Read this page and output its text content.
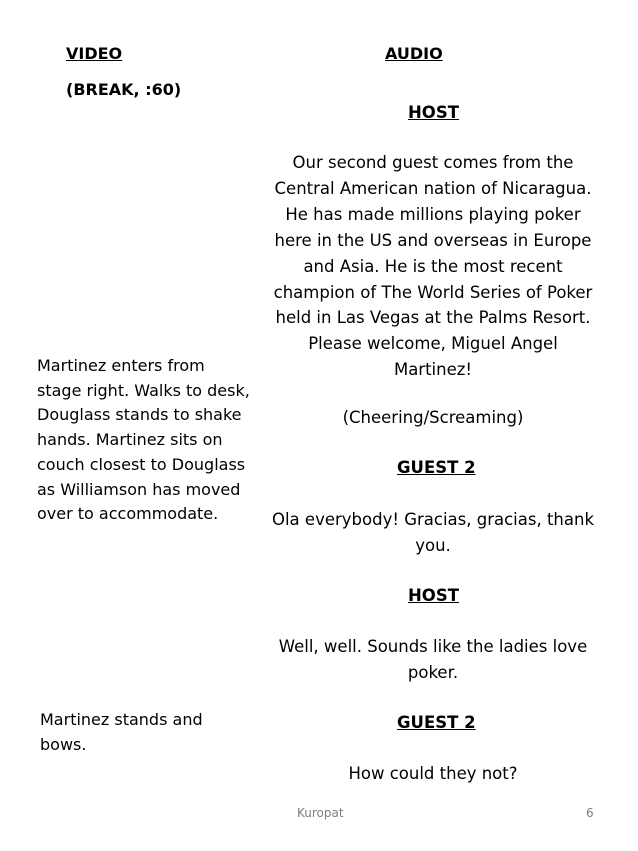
VIDEO	AUDIO
(BREAK, :60)
HOST
Our second guest comes from the
Central American nation of Nicaragua.
He has made millions playing poker
here in the US and overseas in Europe
and Asia. He is the most recent
champion of The World Series of Poker
held in Las Vegas at the Palms Resort.
Please welcome, Miguel Angel
Martinez!
(Cheering/Screaming)
GUEST 2
Ola everybody! Gracias, gracias, thank
you.
HOST
Well, well. Sounds like the ladies love
poker.
GUEST 2
How could they not?
Martinez enters from
stage right. Walks to desk,
Douglass stands to shake
hands. Martinez sits on
couch closest to Douglass
as Williamson has moved
over to accommodate.
Martinez stands and
bows.
Kuropat	6
